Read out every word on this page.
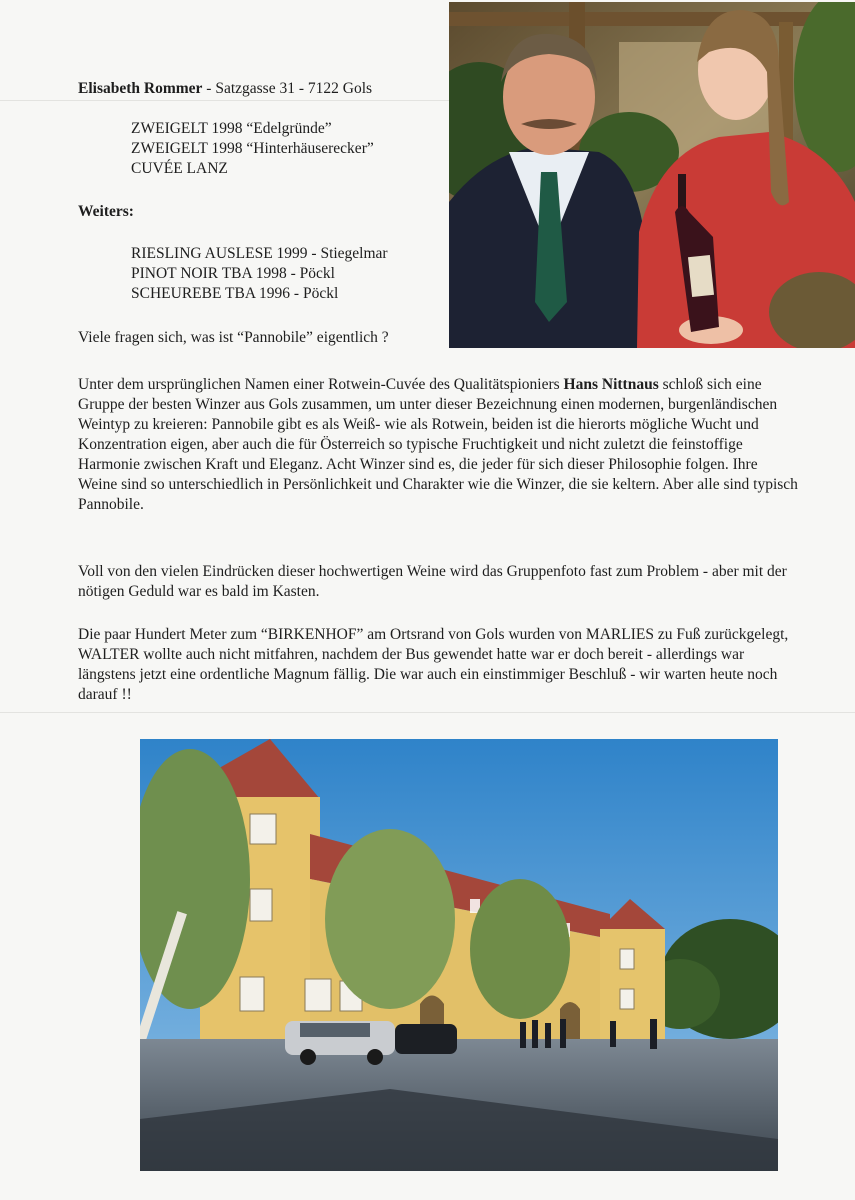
Elisabeth Rommer - Satzgasse 31 - 7122 Gols
ZWEIGELT 1998 “Edelgründe”
ZWEIGELT 1998 “Hinterhäuserecker”
CUVÉE LANZ
Weiters:
RIESLING AUSLESE 1999 - Stiegelmar
PINOT NOIR TBA 1998 - Pöckl
SCHEUREBE TBA 1996 - Pöckl
Viele fragen sich, was ist “Pannobile” eigentlich ?

Unter dem ursprünglichen Namen einer Rotwein-Cuvée des Qualitätspioniers Hans Nittnaus schloß sich eine Gruppe der besten Winzer aus Gols zusammen, um unter dieser Bezeichnung einen modernen, burgenländischen Weintyp zu kreieren: Pannobile gibt es als Weiß- wie als Rotwein, beiden ist die hierorts mögliche Wucht und Konzentration eigen, aber auch die für Österreich so typische Fruchtigkeit und nicht zuletzt die feinstoffige Harmonie zwischen Kraft und Eleganz. Acht Winzer sind es, die jeder für sich dieser Philosophie folgen. Ihre Weine sind so unterschiedlich in Persönlichkeit und Charakter wie die Winzer, die sie keltern. Aber alle sind typisch Pannobile.

Voll von den vielen Eindrücken dieser hochwertigen Weine wird das Gruppenfoto fast zum Problem - aber mit der nötigen Geduld war es bald im Kasten.

Die paar Hundert Meter zum “BIRKENHOF” am Ortsrand von Gols wurden von MARLIES zu Fuß zurückgelegt, WALTER wollte auch nicht mitfahren, nachdem der Bus gewendet hatte war er doch bereit - allerdings war längstens jetzt eine ordentliche Magnum fällig. Die war auch ein einstimmiger Beschluß - wir warten heute noch darauf !!
